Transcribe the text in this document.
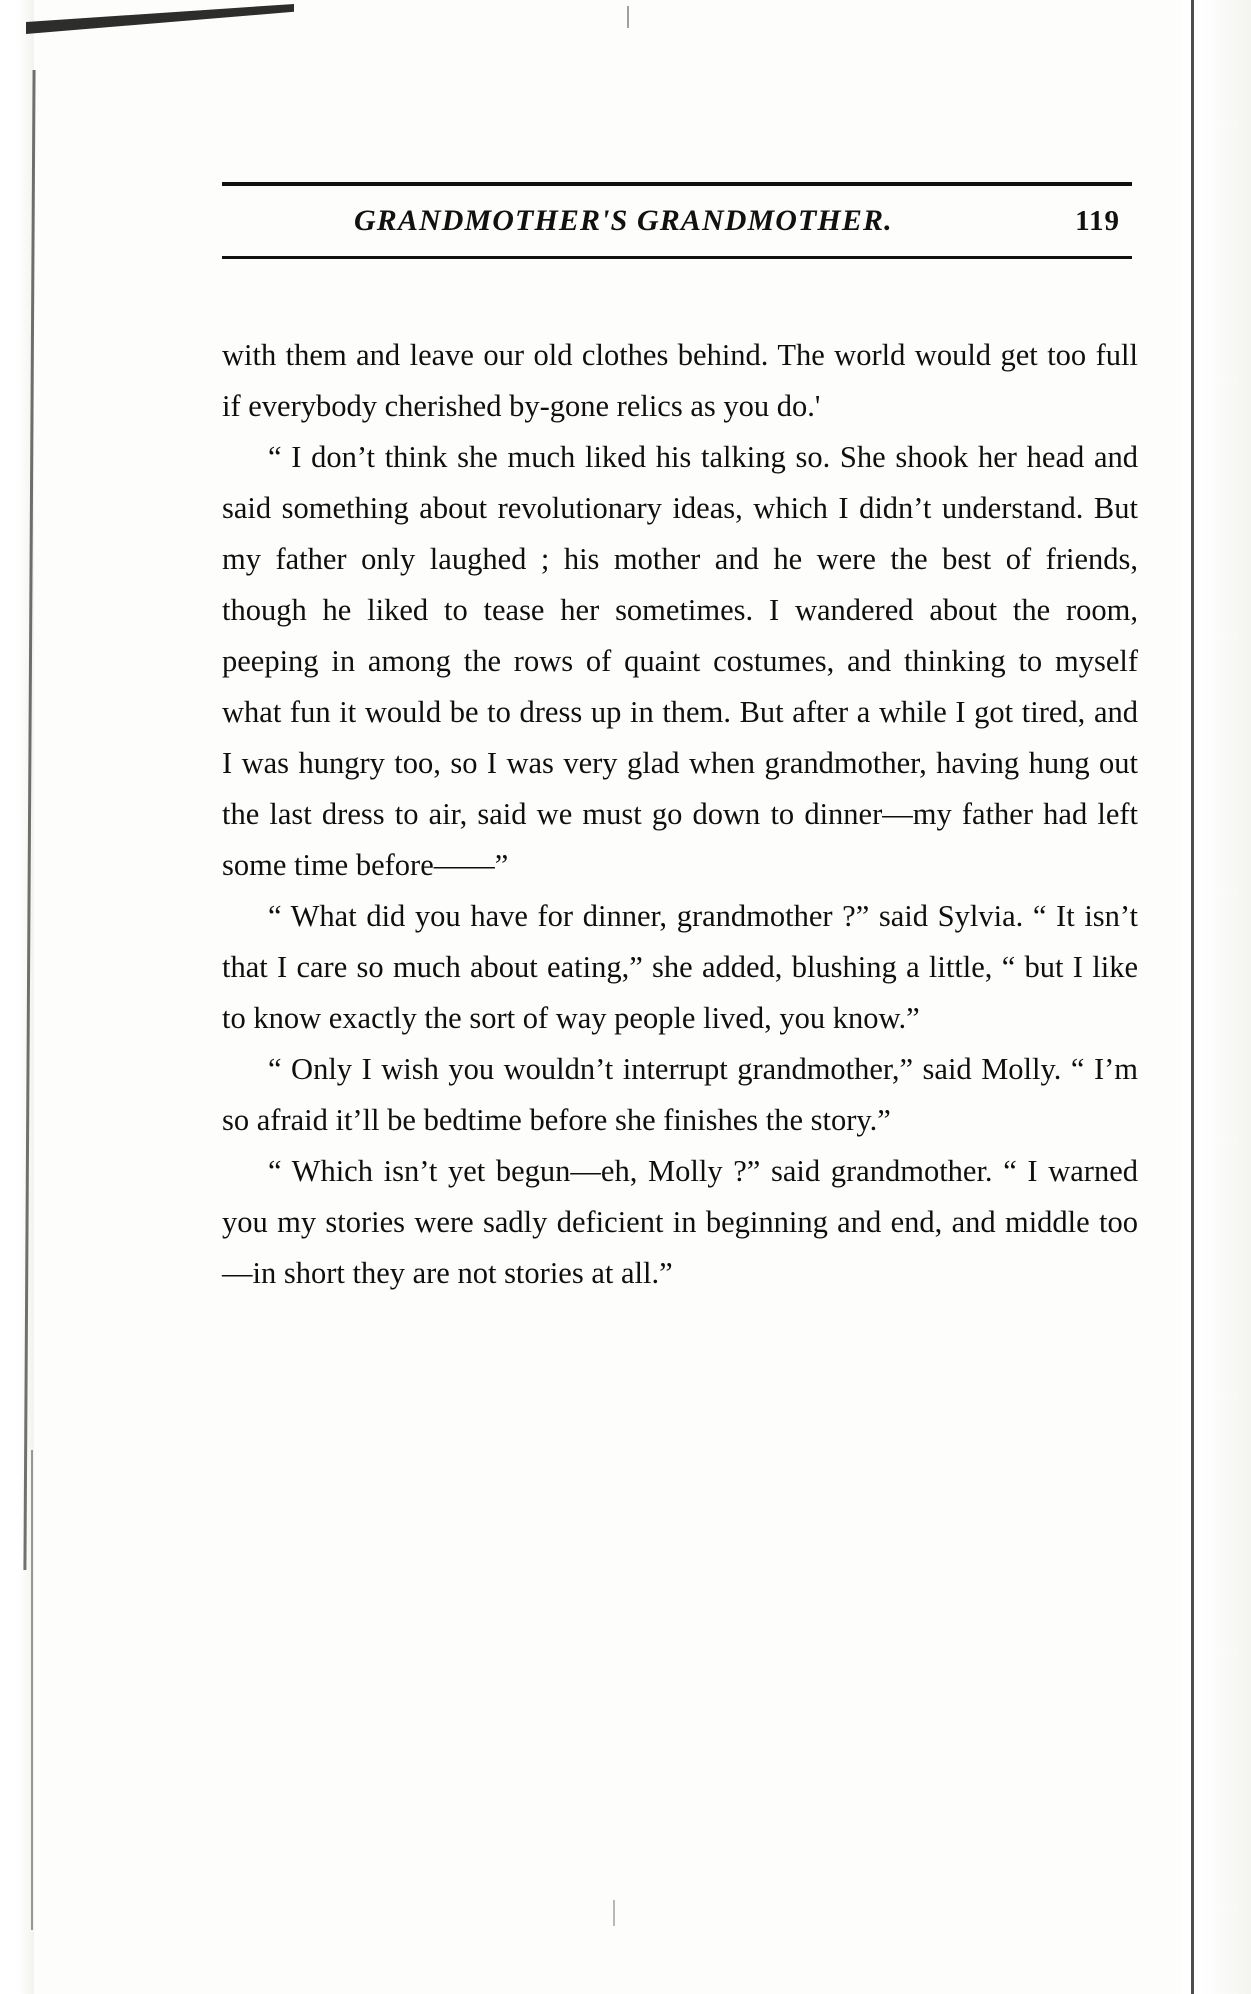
GRANDMOTHER'S GRANDMOTHER.	119

with them and leave our old clothes behind. The world would get too full if everybody cherished by-gone relics as you do.'

“ I don’t think she much liked his talking so. She shook her head and said something about revolutionary ideas, which I didn’t understand. But my father only laughed ; his mother and he were the best of friends, though he liked to tease her sometimes. I wandered about the room, peeping in among the rows of quaint costumes, and thinking to myself what fun it would be to dress up in them. But after a while I got tired, and I was hungry too, so I was very glad when grandmother, having hung out the last dress to air, said we must go down to dinner—my father had left some time before——”

“ What did you have for dinner, grandmother ?” said Sylvia. “ It isn’t that I care so much about eating,” she added, blushing a little, “ but I like to know exactly the sort of way people lived, you know.”

“ Only I wish you wouldn’t interrupt grandmother,” said Molly. “ I’m so afraid it’ll be bedtime before she finishes the story.”

“ Which isn’t yet begun—eh, Molly ?” said grandmother. “ I warned you my stories were sadly deficient in beginning and end, and middle too—in short they are not stories at all.”
